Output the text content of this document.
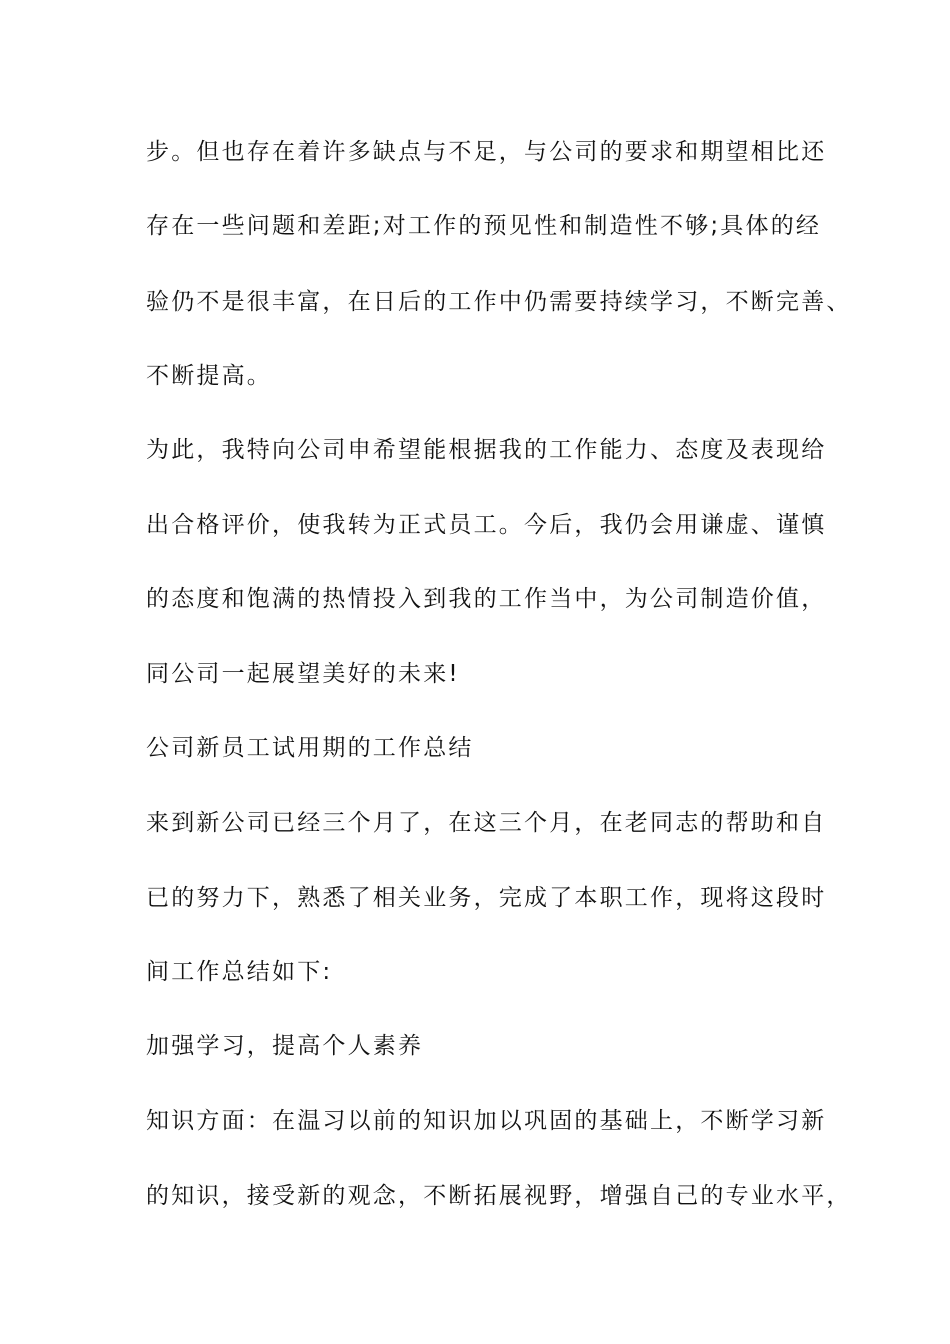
步。但也存在着许多缺点与不足，与公司的要求和期望相比还
存在一些问题和差距;对工作的预见性和制造性不够;具体的经
验仍不是很丰富，在日后的工作中仍需要持续学习，不断完善、
不断提高。
为此，我特向公司申希望能根据我的工作能力、态度及表现给
出合格评价，使我转为正式员工。今后，我仍会用谦虚、谨慎
的态度和饱满的热情投入到我的工作当中，为公司制造价值，
同公司一起展望美好的未来!
公司新员工试用期的工作总结
来到新公司已经三个月了，在这三个月，在老同志的帮助和自
已的努力下，熟悉了相关业务，完成了本职工作，现将这段时
间工作总结如下:
加强学习，提高个人素养
知识方面：在温习以前的知识加以巩固的基础上，不断学习新
的知识，接受新的观念，不断拓展视野，增强自己的专业水平，
